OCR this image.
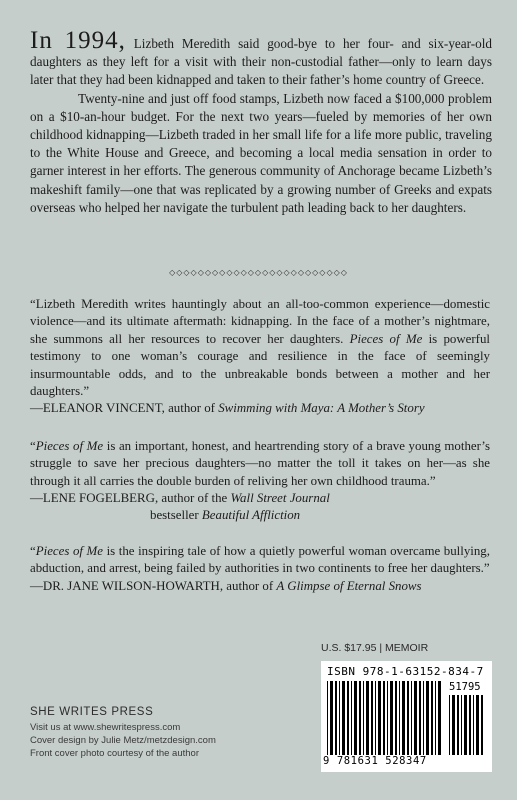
In 1994, Lizbeth Meredith said good-bye to her four- and six-year-old daughters as they left for a visit with their non-custodial father—only to learn days later that they had been kidnapped and taken to their father’s home country of Greece.

Twenty-nine and just off food stamps, Lizbeth now faced a $100,000 problem on a $10-an-hour budget. For the next two years—fueled by memories of her own childhood kidnapping—Lizbeth traded in her small life for a life more public, traveling to the White House and Greece, and becoming a local media sensation in order to garner interest in her efforts. The generous community of Anchorage became Lizbeth’s makeshift family—one that was replicated by a growing number of Greeks and expats overseas who helped her navigate the turbulent path leading back to her daughters.

◇◇◇◇◇◇◇◇◇◇◇◇◇◇◇◇◇◇◇◇◇◇◇◇◇

“Lizbeth Meredith writes hauntingly about an all-too-common experience—domestic violence—and its ultimate aftermath: kidnapping. In the face of a mother’s nightmare, she summons all her resources to recover her daughters. Pieces of Me is powerful testimony to one woman’s courage and resilience in the face of seemingly insurmountable odds, and to the unbreakable bonds between a mother and her daughters.”

—ELEANOR VINCENT, author of Swimming with Maya: A Mother’s Story

“Pieces of Me is an important, honest, and heartrending story of a brave young mother’s struggle to save her precious daughters—no matter the toll it takes on her—as she through it all carries the double burden of reliving her own childhood trauma.”

—LENE FOGELBERG, author of the Wall Street Journal

bestseller Beautiful Affliction

“Pieces of Me is the inspiring tale of how a quietly powerful woman overcame bullying, abduction, and arrest, being failed by authorities in two continents to free her daughters.”

—DR. JANE WILSON-HOWARTH, author of A Glimpse of Eternal Snows

U.S. $17.95 | MEMOIR
ISBN 978-1-63152-834-7
51795
9 781631 528347
SHE WRITES PRESS
Visit us at www.shewritespress.com
Cover design by Julie Metz/metzdesign.com
Front cover photo courtesy of the author
